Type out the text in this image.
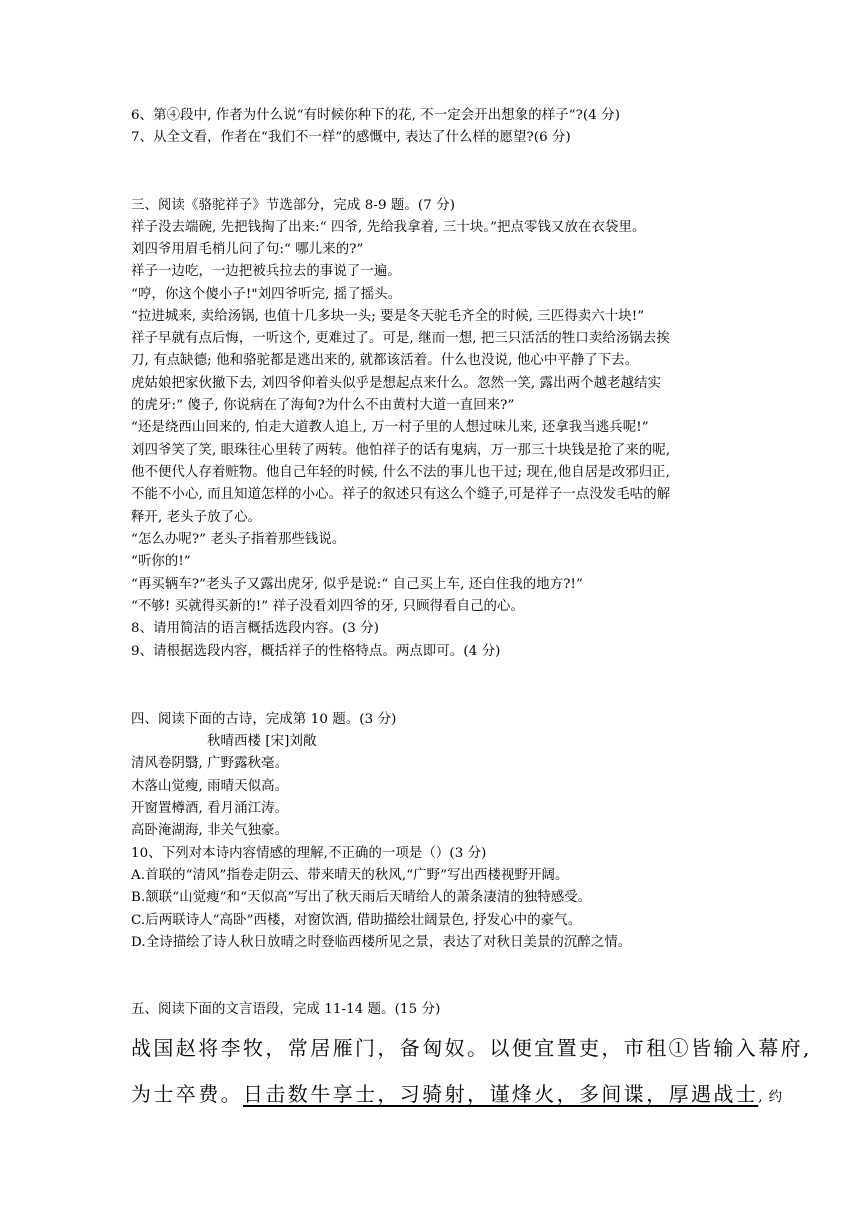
6、第④段中, 作者为什么说“有时候你种下的花, 不一定会开出想象的样子”?(4 分)
7、从全文看，作者在“我们不一样”的感慨中, 表达了什么样的愿望?(6 分)
三、阅读《骆驼祥子》节选部分，完成 8-9 题。(7 分)
祥子没去端碗, 先把钱掏了出来:“ 四爷, 先给我拿着, 三十块。”把点零钱又放在衣袋里。
刘四爷用眉毛梢儿问了句:“ 哪儿来的?”
祥子一边吃，一边把被兵拉去的事说了一遍。
“哼，你这个傻小子!"刘四爷听完, 摇了摇头。
“拉进城来, 卖给汤锅, 也值十几多块一头; 要是冬天驼毛齐全的时候, 三匹得卖六十块!”
祥子早就有点后悔，一听这个, 更难过了。可是, 继而一想, 把三只活活的牲口卖给汤锅去挨
刀, 有点缺德; 他和骆驼都是逃出来的, 就都该活着。什么也没说, 他心中平静了下去。
虎姑娘把家伙撤下去, 刘四爷仰着头似乎是想起点来什么。忽然一笑, 露出两个越老越结实
的虎牙:“ 傻子, 你说病在了海甸?为什么不由黄村大道一直回来?”
“还是绕西山回来的, 怕走大道教人追上, 万一村子里的人想过味儿来, 还拿我当逃兵呢!”
刘四爷笑了笑, 眼珠往心里转了两转。他怕祥子的话有鬼病，万一那三十块钱是抢了来的呢,
他不便代人存着赃物。他自己年轻的时候, 什么不法的事儿也干过; 现在,他自居是改邪归正,
不能不小心, 而且知道怎样的小心。祥子的叙述只有这么个缝子,可是祥子一点没发毛咕的解
释开, 老头子放了心。
“怎么办呢?” 老头子指着那些钱说。
“听你的!”
“再买辆车?”老头子又露出虎牙, 似乎是说:“ 自己买上车, 还白住我的地方?!”
“不够! 买就得买新的!” 祥子没看刘四爷的牙, 只顾得看自己的心。
8、请用简洁的语言概括选段内容。(3 分)
9、请根据选段内容，概括祥子的性格特点。两点即可。(4 分)
四、阅读下面的古诗，完成第 10 题。(3 分)
秋晴西楼 [宋]刘敞
清风卷阴翳, 广野露秋毫。
木落山觉瘦, 雨晴天似高。
开窗置樽酒, 看月涌江涛。
高卧淹湖海, 非关气独豪。
10、下列对本诗内容情感的理解,不正确的一项是（）(3 分)
A.首联的“清风”指卷走阴云、带来晴天的秋风,“广野”写出西楼视野开阔。
B.颔联“山觉瘦”和“天似高”写出了秋天雨后天晴给人的萧条凄清的独特感受。
C.后两联诗人“高卧”西楼，对窗饮酒, 借助描绘壮阔景色, 抒发心中的豪气。
D.全诗描绘了诗人秋日放晴之时登临西楼所见之景，表达了对秋日美景的沉醉之情。
五、阅读下面的文言语段，完成 11-14 题。(15 分)
战国赵将李牧，常居雁门，备匈奴。以便宜置吏，市租①皆输入幕府,
为士卒费。日击数牛享士，习骑射，谨烽火，多间谍，厚遇战士, 约
